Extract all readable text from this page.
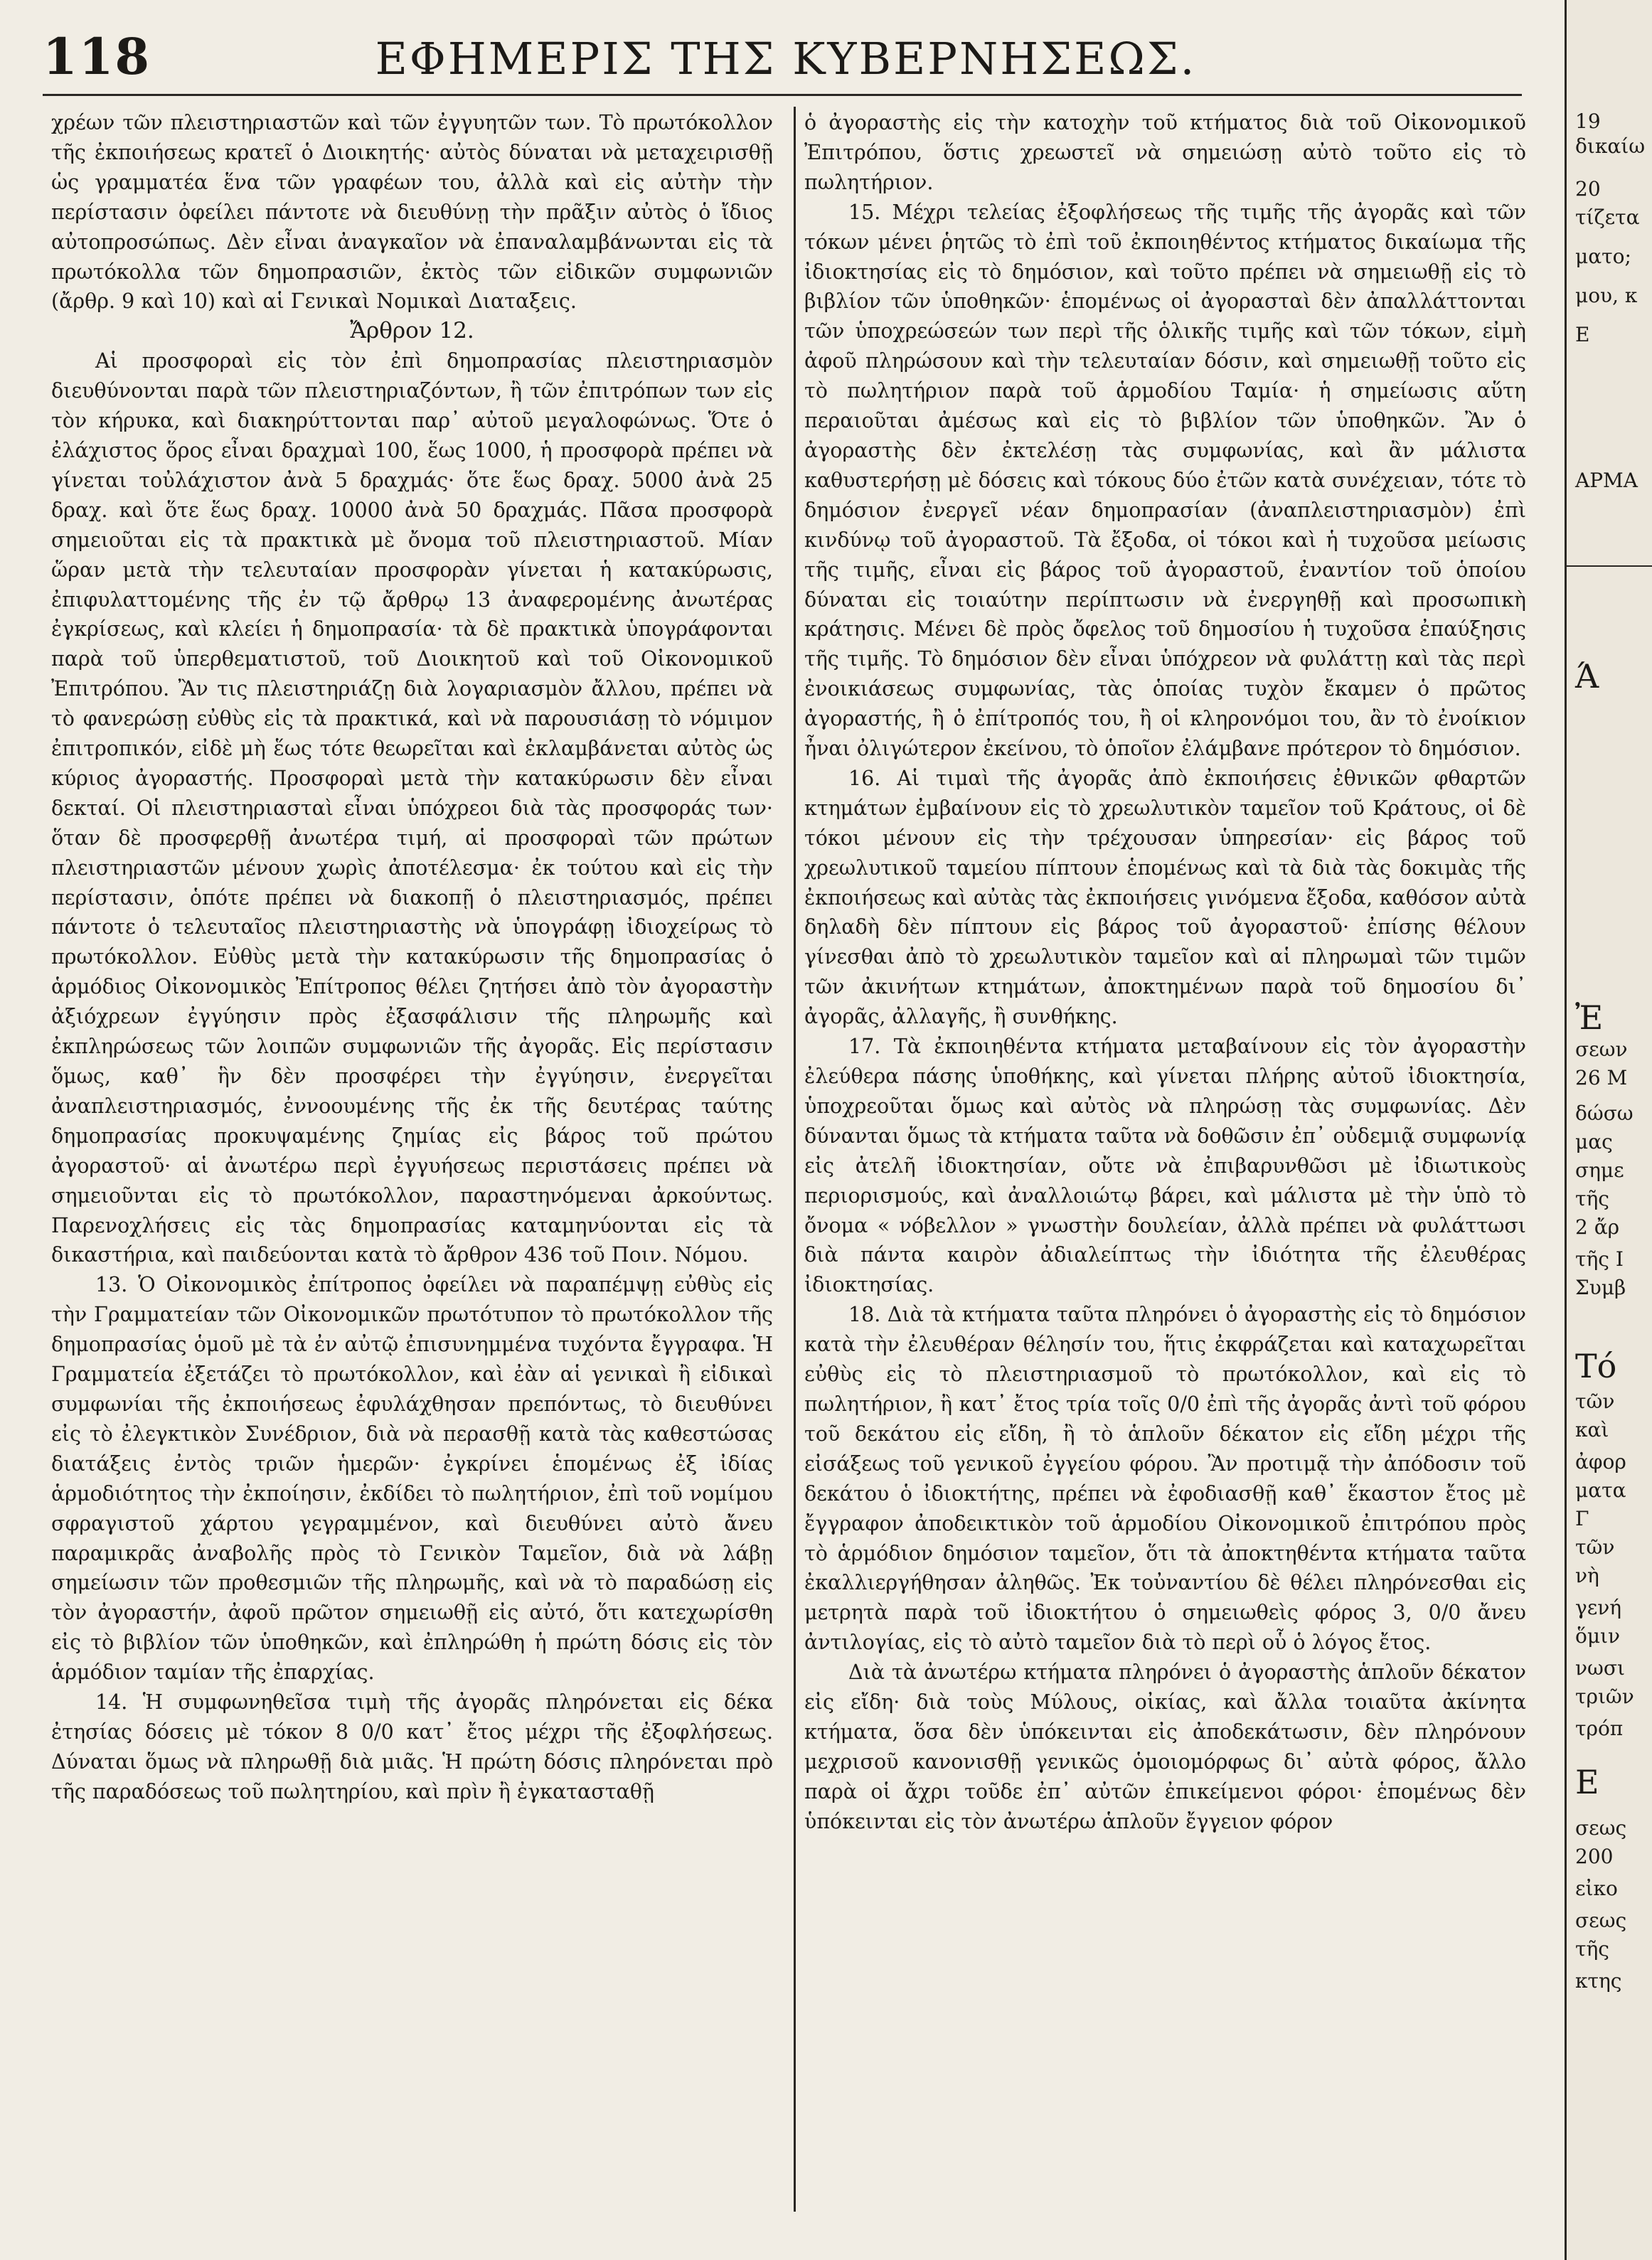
118	ΕΦΗΜΕΡΙΣ ΤΗΣ ΚΥΒΕΡΝΗΣΕΩΣ.

χρέων τῶν πλειστηριαστῶν καὶ τῶν ἐγγυητῶν των. Τὸ πρωτόκολλον τῆς ἐκποιήσεως κρατεῖ ὁ Διοικητής· αὐτὸς δύναται νὰ μεταχειρισθῇ ὡς γραμματέα ἕνα τῶν γραφέων του, ἀλλὰ καὶ εἰς αὐτὴν τὴν περίστασιν ὀφείλει πάντοτε νὰ διευθύνῃ τὴν πρᾶξιν αὐτὸς ὁ ἴδιος αὐτοπροσώπως. Δὲν εἶναι ἀναγκαῖον νὰ ἐπαναλαμβάνωνται εἰς τὰ πρωτόκολλα τῶν δημοπρασιῶν, ἐκτὸς τῶν εἰδικῶν συμφωνιῶν (ἄρθρ. 9 καὶ 10) καὶ αἱ Γενικαὶ Νομικαὶ Διαταξεις.

Ἄρθρον 12.

Αἱ προσφοραὶ εἰς τὸν ἐπὶ δημοπρασίας πλειστηριασμὸν διευθύνονται παρὰ τῶν πλειστηριαζόντων, ἢ τῶν ἐπιτρόπων των εἰς τὸν κήρυκα, καὶ διακηρύττονται παρ᾽ αὐτοῦ μεγαλοφώνως. Ὅτε ὁ ἐλάχιστος ὅρος εἶναι δραχμαὶ 100, ἕως 1000, ἡ προσφορὰ πρέπει νὰ γίνεται τοὐλάχιστον ἀνὰ 5 δραχμάς· ὅτε ἕως δραχ. 5000 ἀνὰ 25 δραχ. καὶ ὅτε ἕως δραχ. 10000 ἀνὰ 50 δραχμάς. Πᾶσα προσφορὰ σημειοῦται εἰς τὰ πρακτικὰ μὲ ὄνομα τοῦ πλειστηριαστοῦ. Μίαν ὥραν μετὰ τὴν τελευταίαν προσφορὰν γίνεται ἡ κατακύρωσις, ἐπιφυλαττομένης τῆς ἐν τῷ ἄρθρῳ 13 ἀναφερομένης ἀνωτέρας ἐγκρίσεως, καὶ κλείει ἡ δημοπρασία· τὰ δὲ πρακτικὰ ὑπογράφονται παρὰ τοῦ ὑπερθεματιστοῦ, τοῦ Διοικητοῦ καὶ τοῦ Οἰκονομικοῦ Ἐπιτρόπου. Ἂν τις πλειστηριάζῃ διὰ λογαριασμὸν ἄλλου, πρέπει νὰ τὸ φανερώσῃ εὐθὺς εἰς τὰ πρακτικά, καὶ νὰ παρουσιάσῃ τὸ νόμιμον ἐπιτροπικόν, εἰδὲ μὴ ἕως τότε θεωρεῖται καὶ ἐκλαμβάνεται αὐτὸς ὡς κύριος ἀγοραστής. Προσφοραὶ μετὰ τὴν κατακύρωσιν δὲν εἶναι δεκταί. Οἱ πλειστηριασταὶ εἶναι ὑπόχρεοι διὰ τὰς προσφοράς των· ὅταν δὲ προσφερθῇ ἀνωτέρα τιμή, αἱ προσφοραὶ τῶν πρώτων πλειστηριαστῶν μένουν χωρὶς ἀποτέλεσμα· ἐκ τούτου καὶ εἰς τὴν περίστασιν, ὁπότε πρέπει νὰ διακοπῇ ὁ πλειστηριασμός, πρέπει πάντοτε ὁ τελευταῖος πλειστηριαστὴς νὰ ὑπογράφῃ ἰδιοχείρως τὸ πρωτόκολλον. Εὐθὺς μετὰ τὴν κατακύρωσιν τῆς δημοπρασίας ὁ ἁρμόδιος Οἰκονομικὸς Ἐπίτροπος θέλει ζητήσει ἀπὸ τὸν ἀγοραστὴν ἀξιόχρεων ἐγγύησιν πρὸς ἐξασφάλισιν τῆς πληρωμῆς καὶ ἐκπληρώσεως τῶν λοιπῶν συμφωνιῶν τῆς ἀγορᾶς. Εἰς περίστασιν ὅμως, καθ᾽ ἣν δὲν προσφέρει τὴν ἐγγύησιν, ἐνεργεῖται ἀναπλειστηριασμός, ἐννοουμένης τῆς ἐκ τῆς δευτέρας ταύτης δημοπρασίας προκυψαμένης ζημίας εἰς βάρος τοῦ πρώτου ἀγοραστοῦ· αἱ ἀνωτέρω περὶ ἐγγυήσεως περιστάσεις πρέπει νὰ σημειοῦνται εἰς τὸ πρωτόκολλον, παραστηνόμεναι ἀρκούντως. Παρενοχλήσεις εἰς τὰς δημοπρασίας καταμηνύονται εἰς τὰ δικαστήρια, καὶ παιδεύονται κατὰ τὸ ἄρθρον 436 τοῦ Ποιν. Νόμου.

13. Ὁ Οἰκονομικὸς ἐπίτροπος ὀφείλει νὰ παραπέμψῃ εὐθὺς εἰς τὴν Γραμματείαν τῶν Οἰκονομικῶν πρωτότυπον τὸ πρωτόκολλον τῆς δημοπρασίας ὁμοῦ μὲ τὰ ἐν αὐτῷ ἐπισυνημμένα τυχόντα ἔγγραφα. Ἡ Γραμματεία ἐξετάζει τὸ πρωτόκολλον, καὶ ἐὰν αἱ γενικαὶ ἢ εἰδικαὶ συμφωνίαι τῆς ἐκποιήσεως ἐφυλάχθησαν πρεπόντως, τὸ διευθύνει εἰς τὸ ἐλεγκτικὸν Συνέδριον, διὰ νὰ περασθῇ κατὰ τὰς καθεστώσας διατάξεις ἐντὸς τριῶν ἡμερῶν· ἐγκρίνει ἑπομένως ἐξ ἰδίας ἁρμοδιότητος τὴν ἐκποίησιν, ἐκδίδει τὸ πωλητήριον, ἐπὶ τοῦ νομίμου σφραγιστοῦ χάρτου γεγραμμένον, καὶ διευθύνει αὐτὸ ἄνευ παραμικρᾶς ἀναβολῆς πρὸς τὸ Γενικὸν Ταμεῖον, διὰ νὰ λάβῃ σημείωσιν τῶν προθεσμιῶν τῆς πληρωμῆς, καὶ νὰ τὸ παραδώσῃ εἰς τὸν ἀγοραστήν, ἀφοῦ πρῶτον σημειωθῇ εἰς αὐτό, ὅτι κατεχωρίσθη εἰς τὸ βιβλίον τῶν ὑποθηκῶν, καὶ ἐπληρώθη ἡ πρώτη δόσις εἰς τὸν ἁρμόδιον ταμίαν τῆς ἐπαρχίας.

14. Ἡ συμφωνηθεῖσα τιμὴ τῆς ἀγορᾶς πληρόνεται εἰς δέκα ἐτησίας δόσεις μὲ τόκον 8 0/0 κατ᾽ ἔτος μέχρι τῆς ἐξοφλήσεως. Δύναται ὅμως νὰ πληρωθῇ διὰ μιᾶς. Ἡ πρώτη δόσις πληρόνεται πρὸ τῆς παραδόσεως τοῦ πωλητηρίου, καὶ πρὶν ἢ ἐγκατασταθῇ

ὁ ἀγοραστὴς εἰς τὴν κατοχὴν τοῦ κτήματος διὰ τοῦ Οἰκονομικοῦ Ἐπιτρόπου, ὅστις χρεωστεῖ νὰ σημειώσῃ αὐτὸ τοῦτο εἰς τὸ πωλητήριον.

15. Μέχρι τελείας ἐξοφλήσεως τῆς τιμῆς τῆς ἀγορᾶς καὶ τῶν τόκων μένει ῥητῶς τὸ ἐπὶ τοῦ ἐκποιηθέντος κτήματος δικαίωμα τῆς ἰδιοκτησίας εἰς τὸ δημόσιον, καὶ τοῦτο πρέπει νὰ σημειωθῇ εἰς τὸ βιβλίον τῶν ὑποθηκῶν· ἑπομένως οἱ ἀγορασταὶ δὲν ἀπαλλάττονται τῶν ὑποχρεώσεών των περὶ τῆς ὁλικῆς τιμῆς καὶ τῶν τόκων, εἰμὴ ἀφοῦ πληρώσουν καὶ τὴν τελευταίαν δόσιν, καὶ σημειωθῇ τοῦτο εἰς τὸ πωλητήριον παρὰ τοῦ ἁρμοδίου Ταμία· ἡ σημείωσις αὕτη περαιοῦται ἀμέσως καὶ εἰς τὸ βιβλίον τῶν ὑποθηκῶν. Ἂν ὁ ἀγοραστὴς δὲν ἐκτελέσῃ τὰς συμφωνίας, καὶ ἂν μάλιστα καθυστερήσῃ μὲ δόσεις καὶ τόκους δύο ἐτῶν κατὰ συνέχειαν, τότε τὸ δημόσιον ἐνεργεῖ νέαν δημοπρασίαν (ἀναπλειστηριασμὸν) ἐπὶ κινδύνῳ τοῦ ἀγοραστοῦ. Τὰ ἔξοδα, οἱ τόκοι καὶ ἡ τυχοῦσα μείωσις τῆς τιμῆς, εἶναι εἰς βάρος τοῦ ἀγοραστοῦ, ἐναντίον τοῦ ὁποίου δύναται εἰς τοιαύτην περίπτωσιν νὰ ἐνεργηθῇ καὶ προσωπικὴ κράτησις. Μένει δὲ πρὸς ὄφελος τοῦ δημοσίου ἡ τυχοῦσα ἐπαύξησις τῆς τιμῆς. Τὸ δημόσιον δὲν εἶναι ὑπόχρεον νὰ φυλάττῃ καὶ τὰς περὶ ἐνοικιάσεως συμφωνίας, τὰς ὁποίας τυχὸν ἔκαμεν ὁ πρῶτος ἀγοραστής, ἢ ὁ ἐπίτροπός του, ἢ οἱ κληρονόμοι του, ἂν τὸ ἐνοίκιον ἦναι ὀλιγώτερον ἐκείνου, τὸ ὁποῖον ἐλάμβανε πρότερον τὸ δημόσιον.

16. Αἱ τιμαὶ τῆς ἀγορᾶς ἀπὸ ἐκποιήσεις ἐθνικῶν φθαρτῶν κτημάτων ἐμβαίνουν εἰς τὸ χρεωλυτικὸν ταμεῖον τοῦ Κράτους, οἱ δὲ τόκοι μένουν εἰς τὴν τρέχουσαν ὑπηρεσίαν· εἰς βάρος τοῦ χρεωλυτικοῦ ταμείου πίπτουν ἑπομένως καὶ τὰ διὰ τὰς δοκιμὰς τῆς ἐκποιήσεως καὶ αὐτὰς τὰς ἐκποιήσεις γινόμενα ἔξοδα, καθόσον αὐτὰ δηλαδὴ δὲν πίπτουν εἰς βάρος τοῦ ἀγοραστοῦ· ἐπίσης θέλουν γίνεσθαι ἀπὸ τὸ χρεωλυτικὸν ταμεῖον καὶ αἱ πληρωμαὶ τῶν τιμῶν τῶν ἀκινήτων κτημάτων, ἀποκτημένων παρὰ τοῦ δημοσίου δι᾽ ἀγορᾶς, ἀλλαγῆς, ἢ συνθήκης.

17. Τὰ ἐκποιηθέντα κτήματα μεταβαίνουν εἰς τὸν ἀγοραστὴν ἐλεύθερα πάσης ὑποθήκης, καὶ γίνεται πλήρης αὐτοῦ ἰδιοκτησία, ὑποχρεοῦται ὅμως καὶ αὐτὸς νὰ πληρώσῃ τὰς συμφωνίας. Δὲν δύνανται ὅμως τὰ κτήματα ταῦτα νὰ δοθῶσιν ἐπ᾽ οὐδεμιᾷ συμφωνίᾳ εἰς ἀτελῆ ἰδιοκτησίαν, οὔτε νὰ ἐπιβαρυνθῶσι μὲ ἰδιωτικοὺς περιορισμούς, καὶ ἀναλλοιώτῳ βάρει, καὶ μάλιστα μὲ τὴν ὑπὸ τὸ ὄνομα « νόβελλον » γνωστὴν δουλείαν, ἀλλὰ πρέπει νὰ φυλάττωσι διὰ πάντα καιρὸν ἀδιαλείπτως τὴν ἰδιότητα τῆς ἐλευθέρας ἰδιοκτησίας.

18. Διὰ τὰ κτήματα ταῦτα πληρόνει ὁ ἀγοραστὴς εἰς τὸ δημόσιον κατὰ τὴν ἐλευθέραν θέλησίν του, ἥτις ἐκφράζεται καὶ καταχωρεῖται εὐθὺς εἰς τὸ πλειστηριασμοῦ τὸ πρωτόκολλον, καὶ εἰς τὸ πωλητήριον, ἢ κατ᾽ ἔτος τρία τοῖς 0/0 ἐπὶ τῆς ἀγορᾶς ἀντὶ τοῦ φόρου τοῦ δεκάτου εἰς εἴδη, ἢ τὸ ἁπλοῦν δέκατον εἰς εἴδη μέχρι τῆς εἰσάξεως τοῦ γενικοῦ ἐγγείου φόρου. Ἂν προτιμᾷ τὴν ἀπόδοσιν τοῦ δεκάτου ὁ ἰδιοκτήτης, πρέπει νὰ ἐφοδιασθῇ καθ᾽ ἕκαστον ἔτος μὲ ἔγγραφον ἀποδεικτικὸν τοῦ ἁρμοδίου Οἰκονομικοῦ ἐπιτρόπου πρὸς τὸ ἁρμόδιον δημόσιον ταμεῖον, ὅτι τὰ ἀποκτηθέντα κτήματα ταῦτα ἐκαλλιεργήθησαν ἀληθῶς. Ἐκ τοὐναντίου δὲ θέλει πληρόνεσθαι εἰς μετρητὰ παρὰ τοῦ ἰδιοκτήτου ὁ σημειωθεὶς φόρος 3, 0/0 ἄνευ ἀντιλογίας, εἰς τὸ αὐτὸ ταμεῖον διὰ τὸ περὶ οὗ ὁ λόγος ἔτος.

Διὰ τὰ ἀνωτέρω κτήματα πληρόνει ὁ ἀγοραστὴς ἁπλοῦν δέκατον εἰς εἴδη· διὰ τοὺς Μύλους, οἰκίας, καὶ ἄλλα τοιαῦτα ἀκίνητα κτήματα, ὅσα δὲν ὑπόκεινται εἰς ἀποδεκάτωσιν, δὲν πληρόνουν μεχρισοῦ κανονισθῇ γενικῶς ὁμοιομόρφως δι᾽ αὐτὰ φόρος, ἄλλο παρὰ οἱ ἄχρι τοῦδε ἐπ᾽ αὐτῶν ἐπικείμενοι φόροι· ἑπομένως δὲν ὑπόκεινται εἰς τὸν ἀνωτέρω ἁπλοῦν ἔγγειον φόρον

19
δικαίω
20
τίζετα
ματο;
μου, κ
Ε
ΑΡΜΑ
Ά
Ἐ
σεων
26 Μ
δώσω
μας
σημε
τῆς
2 ἄρ
τῆς Ι
Συμβ
Τό
τῶν
καὶ
ἀφορ
ματα
Γ
τῶν
νὴ
γενή
ὅμιν
νωσι
τριῶν
τρόπ
Ε
σεως
200
εἰκο
σεως
τῆς
κτης
